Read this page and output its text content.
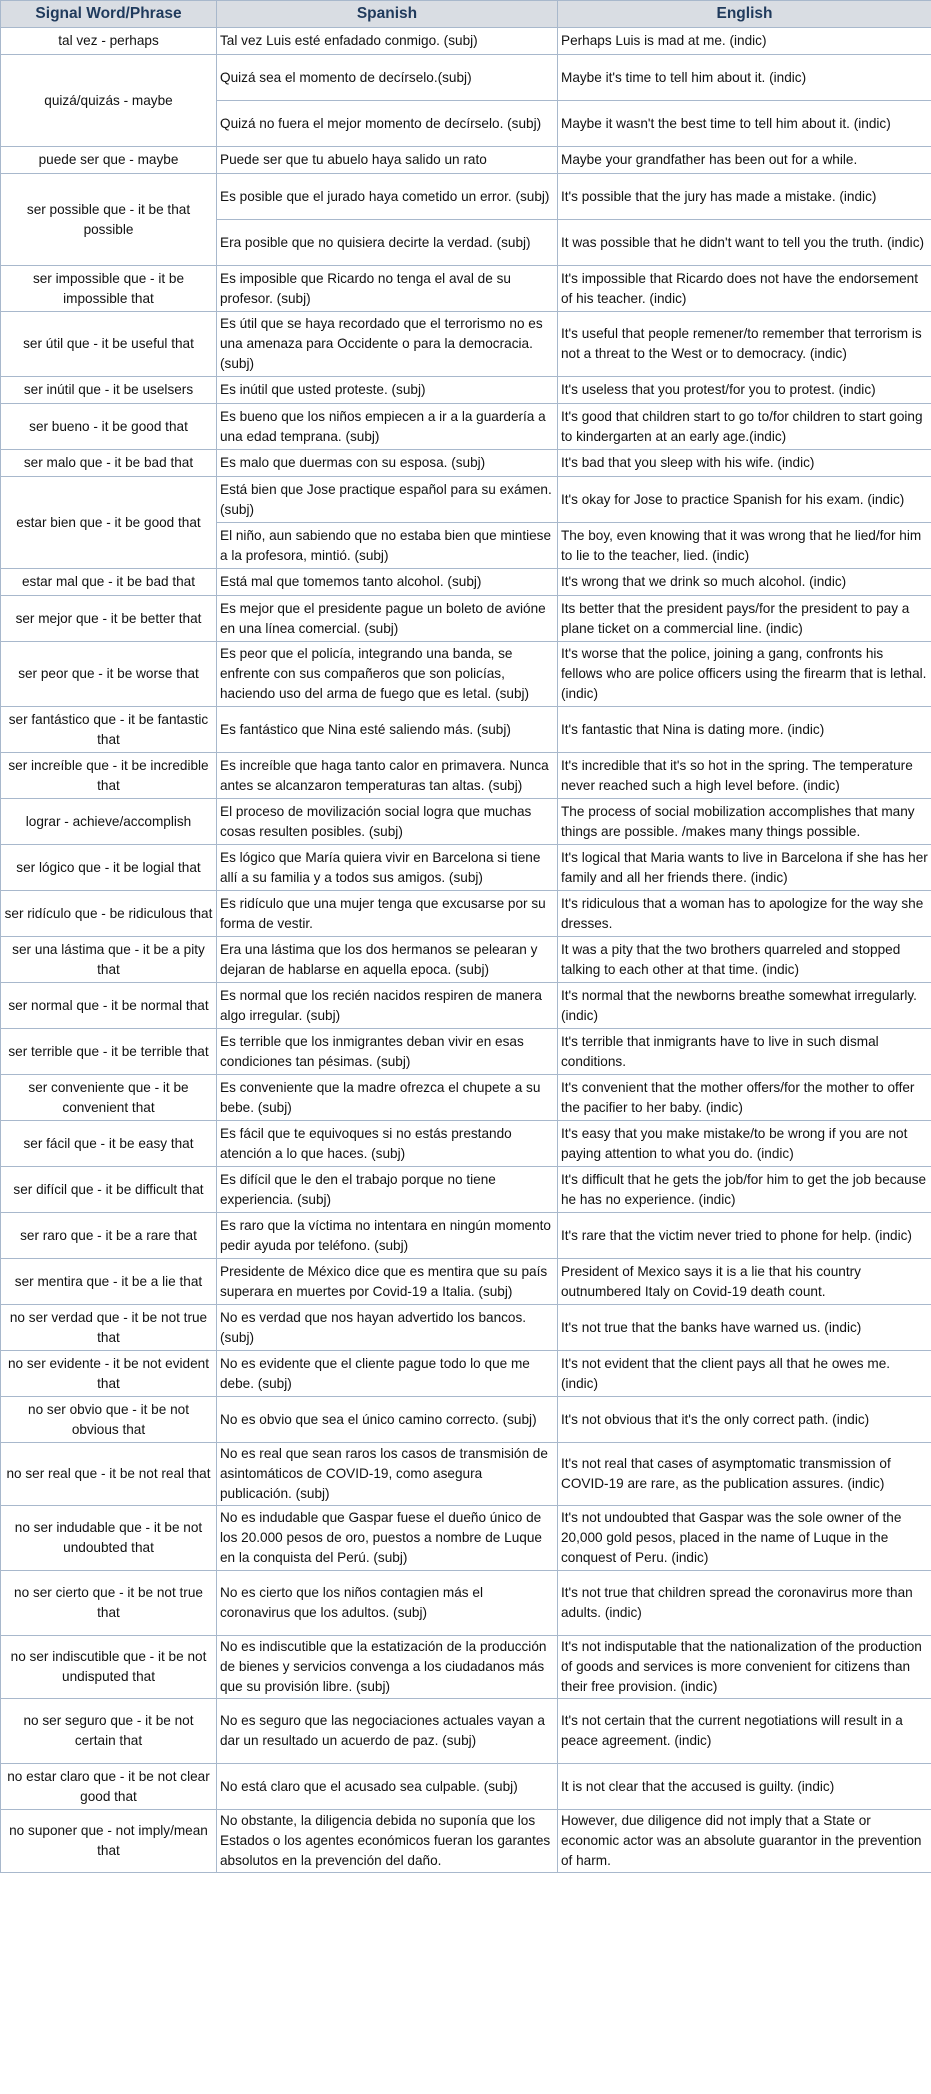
Signal Word/Phrase	Spanish	English
tal vez - perhaps	Tal vez Luis esté enfadado conmigo. (subj)	Perhaps Luis is mad at me. (indic)
quizá/quizás - maybe	Quizá sea el momento de decírselo.(subj)	Maybe it's time to tell him about it. (indic)
	Quizá no fuera el mejor momento de decírselo. (subj)	Maybe it wasn't the best time to tell him about it. (indic)
puede ser que - maybe	Puede ser que tu abuelo haya salido un rato	Maybe your grandfather has been out for a while.
ser possible que - it be that possible	Es posible que el jurado haya cometido un error. (subj)	It's possible that the jury has made a mistake. (indic)
	Era posible que no quisiera decirte la verdad. (subj)	It was possible that he didn't want to tell you the truth. (indic)
ser impossible que - it be impossible that	Es imposible que Ricardo no tenga el aval de su profesor. (subj)	It's impossible that Ricardo does not have the endorsement of his teacher. (indic)
ser útil que - it be useful that	Es útil que se haya recordado que el terrorismo no es una amenaza para Occidente o para la democracia. (subj)	It's useful that people remener/to remember that terrorism is not a threat to the West or to democracy. (indic)
ser inútil que - it be uselsers	Es inútil que usted proteste. (subj)	It's useless that you protest/for you to protest. (indic)
ser bueno - it be good that	Es bueno que los niños empiecen a ir a la guardería a una edad temprana. (subj)	It's good that children start to go to/for children to start going to kindergarten at an early age.(indic)
ser malo que - it be bad that	Es malo que duermas con su esposa. (subj)	It's bad that you sleep with his wife. (indic)
estar bien que - it be good that	Está bien que Jose practique español para su exámen. (subj)	It's okay for Jose to practice Spanish for his exam. (indic)
	El niño, aun sabiendo que no estaba bien que mintiese a la profesora, mintió. (subj)	The boy, even knowing that it was wrong that he lied/for him to lie to the teacher, lied. (indic)
estar mal que - it be bad that	Está mal que tomemos tanto alcohol. (subj)	It's wrong that we drink so much alcohol. (indic)
ser mejor que - it be better that	Es mejor que el presidente pague un boleto de avióne en una línea comercial. (subj)	Its better that the president pays/for the president to pay a plane ticket on a commercial line. (indic)
ser peor que - it be worse that	Es peor que el policía, integrando una banda, se enfrente con sus compañeros que son policías, haciendo uso del arma de fuego que es letal. (subj)	It's worse that the police, joining a gang, confronts his fellows who are police officers using the firearm that is lethal. (indic)
ser fantástico que - it be fantastic that	Es fantástico que Nina esté saliendo más. (subj)	It's fantastic that Nina is dating more. (indic)
ser increíble que - it be incredible that	Es increíble que haga tanto calor en primavera. Nunca antes se alcanzaron temperaturas tan altas. (subj)	It's incredible that it's so hot in the spring. The temperature never reached such a high level before. (indic)
lograr - achieve/accomplish	El proceso de movilización social logra que muchas cosas resulten posibles. (subj)	The process of social mobilization accomplishes that many things are possible. /makes many things possible.
ser lógico que - it be logial that	Es lógico que María quiera vivir en Barcelona si tiene allí a su familia y a todos sus amigos. (subj)	It's logical that Maria wants to live in Barcelona if she has her family and all her friends there. (indic)
ser ridículo que - be ridiculous that	Es ridículo que una mujer tenga que excusarse por su forma de vestir.	It's ridiculous that a woman has to apologize for the way she dresses.
ser una lástima que - it be a pity that	Era una lástima que los dos hermanos se pelearan y dejaran de hablarse en aquella epoca. (subj)	It was a pity that the two brothers quarreled and stopped talking to each other at that time. (indic)
ser normal que - it be normal that	Es normal que los recién nacidos respiren de manera algo irregular. (subj)	It's normal that the newborns breathe somewhat irregularly. (indic)
ser terrible que - it be terrible that	Es terrible que los inmigrantes deban vivir en esas condiciones tan pésimas. (subj)	It's terrible that inmigrants have to live in such dismal conditions.
ser conveniente que - it be convenient that	Es conveniente que la madre ofrezca el chupete a su bebe. (subj)	It's convenient that the mother offers/for the mother to offer the pacifier to her baby. (indic)
ser fácil que - it be easy that	Es fácil que te equivoques si no estás prestando atención a lo que haces. (subj)	It's easy that you make mistake/to be wrong if you are not paying attention to what you do. (indic)
ser difícil que - it be difficult that	Es difícil que le den el trabajo porque no tiene experiencia. (subj)	It's difficult that he gets the job/for him to get the job because he has no experience. (indic)
ser raro que - it be a rare that	Es raro que la víctima no intentara en ningún momento pedir ayuda por teléfono. (subj)	It's rare that the victim never tried to phone for help. (indic)
ser mentira que - it be a lie that	Presidente de México dice que es mentira que su país superara en muertes por Covid-19 a Italia. (subj)	President of Mexico says it is a lie that his country outnumbered Italy on Covid-19 death count.
no ser verdad que - it be not true that	No es verdad que nos hayan advertido los bancos. (subj)	It's not true that the banks have warned us. (indic)
no ser evidente - it be not evident that	No es evidente que el cliente pague todo lo que me debe. (subj)	It's not evident that the client pays all that he owes me. (indic)
no ser obvio que - it be not obvious that	No es obvio que sea el único camino correcto. (subj)	It's not obvious that it's the only correct path. (indic)
no ser real que - it be not real that	No es real que sean raros los casos de transmisión de asintomáticos de COVID-19, como asegura publicación. (subj)	It's not real that cases of asymptomatic transmission of COVID-19 are rare, as the publication assures. (indic)
no ser indudable que - it be not undoubted that	No es indudable que Gaspar fuese el dueño único de los 20.000 pesos de oro, puestos a nombre de Luque en la conquista del Perú. (subj)	It's not undoubted that Gaspar was the sole owner of the 20,000 gold pesos, placed in the name of Luque in the conquest of Peru. (indic)
no ser cierto que - it be not true that	No es cierto que los niños contagien más el coronavirus que los adultos. (subj)	It's not true that children spread the coronavirus more than adults. (indic)
no ser indiscutible que - it be not undisputed that	No es indiscutible que la estatización de la producción de bienes y servicios convenga a los ciudadanos más que su provisión libre. (subj)	It's not indisputable that the nationalization of the production of goods and services is more convenient for citizens than their free provision. (indic)
no ser seguro que - it be not certain that	No es seguro que las negociaciones actuales vayan a dar un resultado un acuerdo de paz. (subj)	It's not certain that the current negotiations will result in a peace agreement. (indic)
no estar claro que - it be not clear good that	No está claro que el acusado sea culpable. (subj)	It is not clear that the accused is guilty. (indic)
no suponer que - not imply/mean that	No obstante, la diligencia debida no suponía que los Estados o los agentes económicos fueran los garantes absolutos en la prevención del daño.	However, due diligence did not imply that a State or economic actor was an absolute guarantor in the prevention of harm.
